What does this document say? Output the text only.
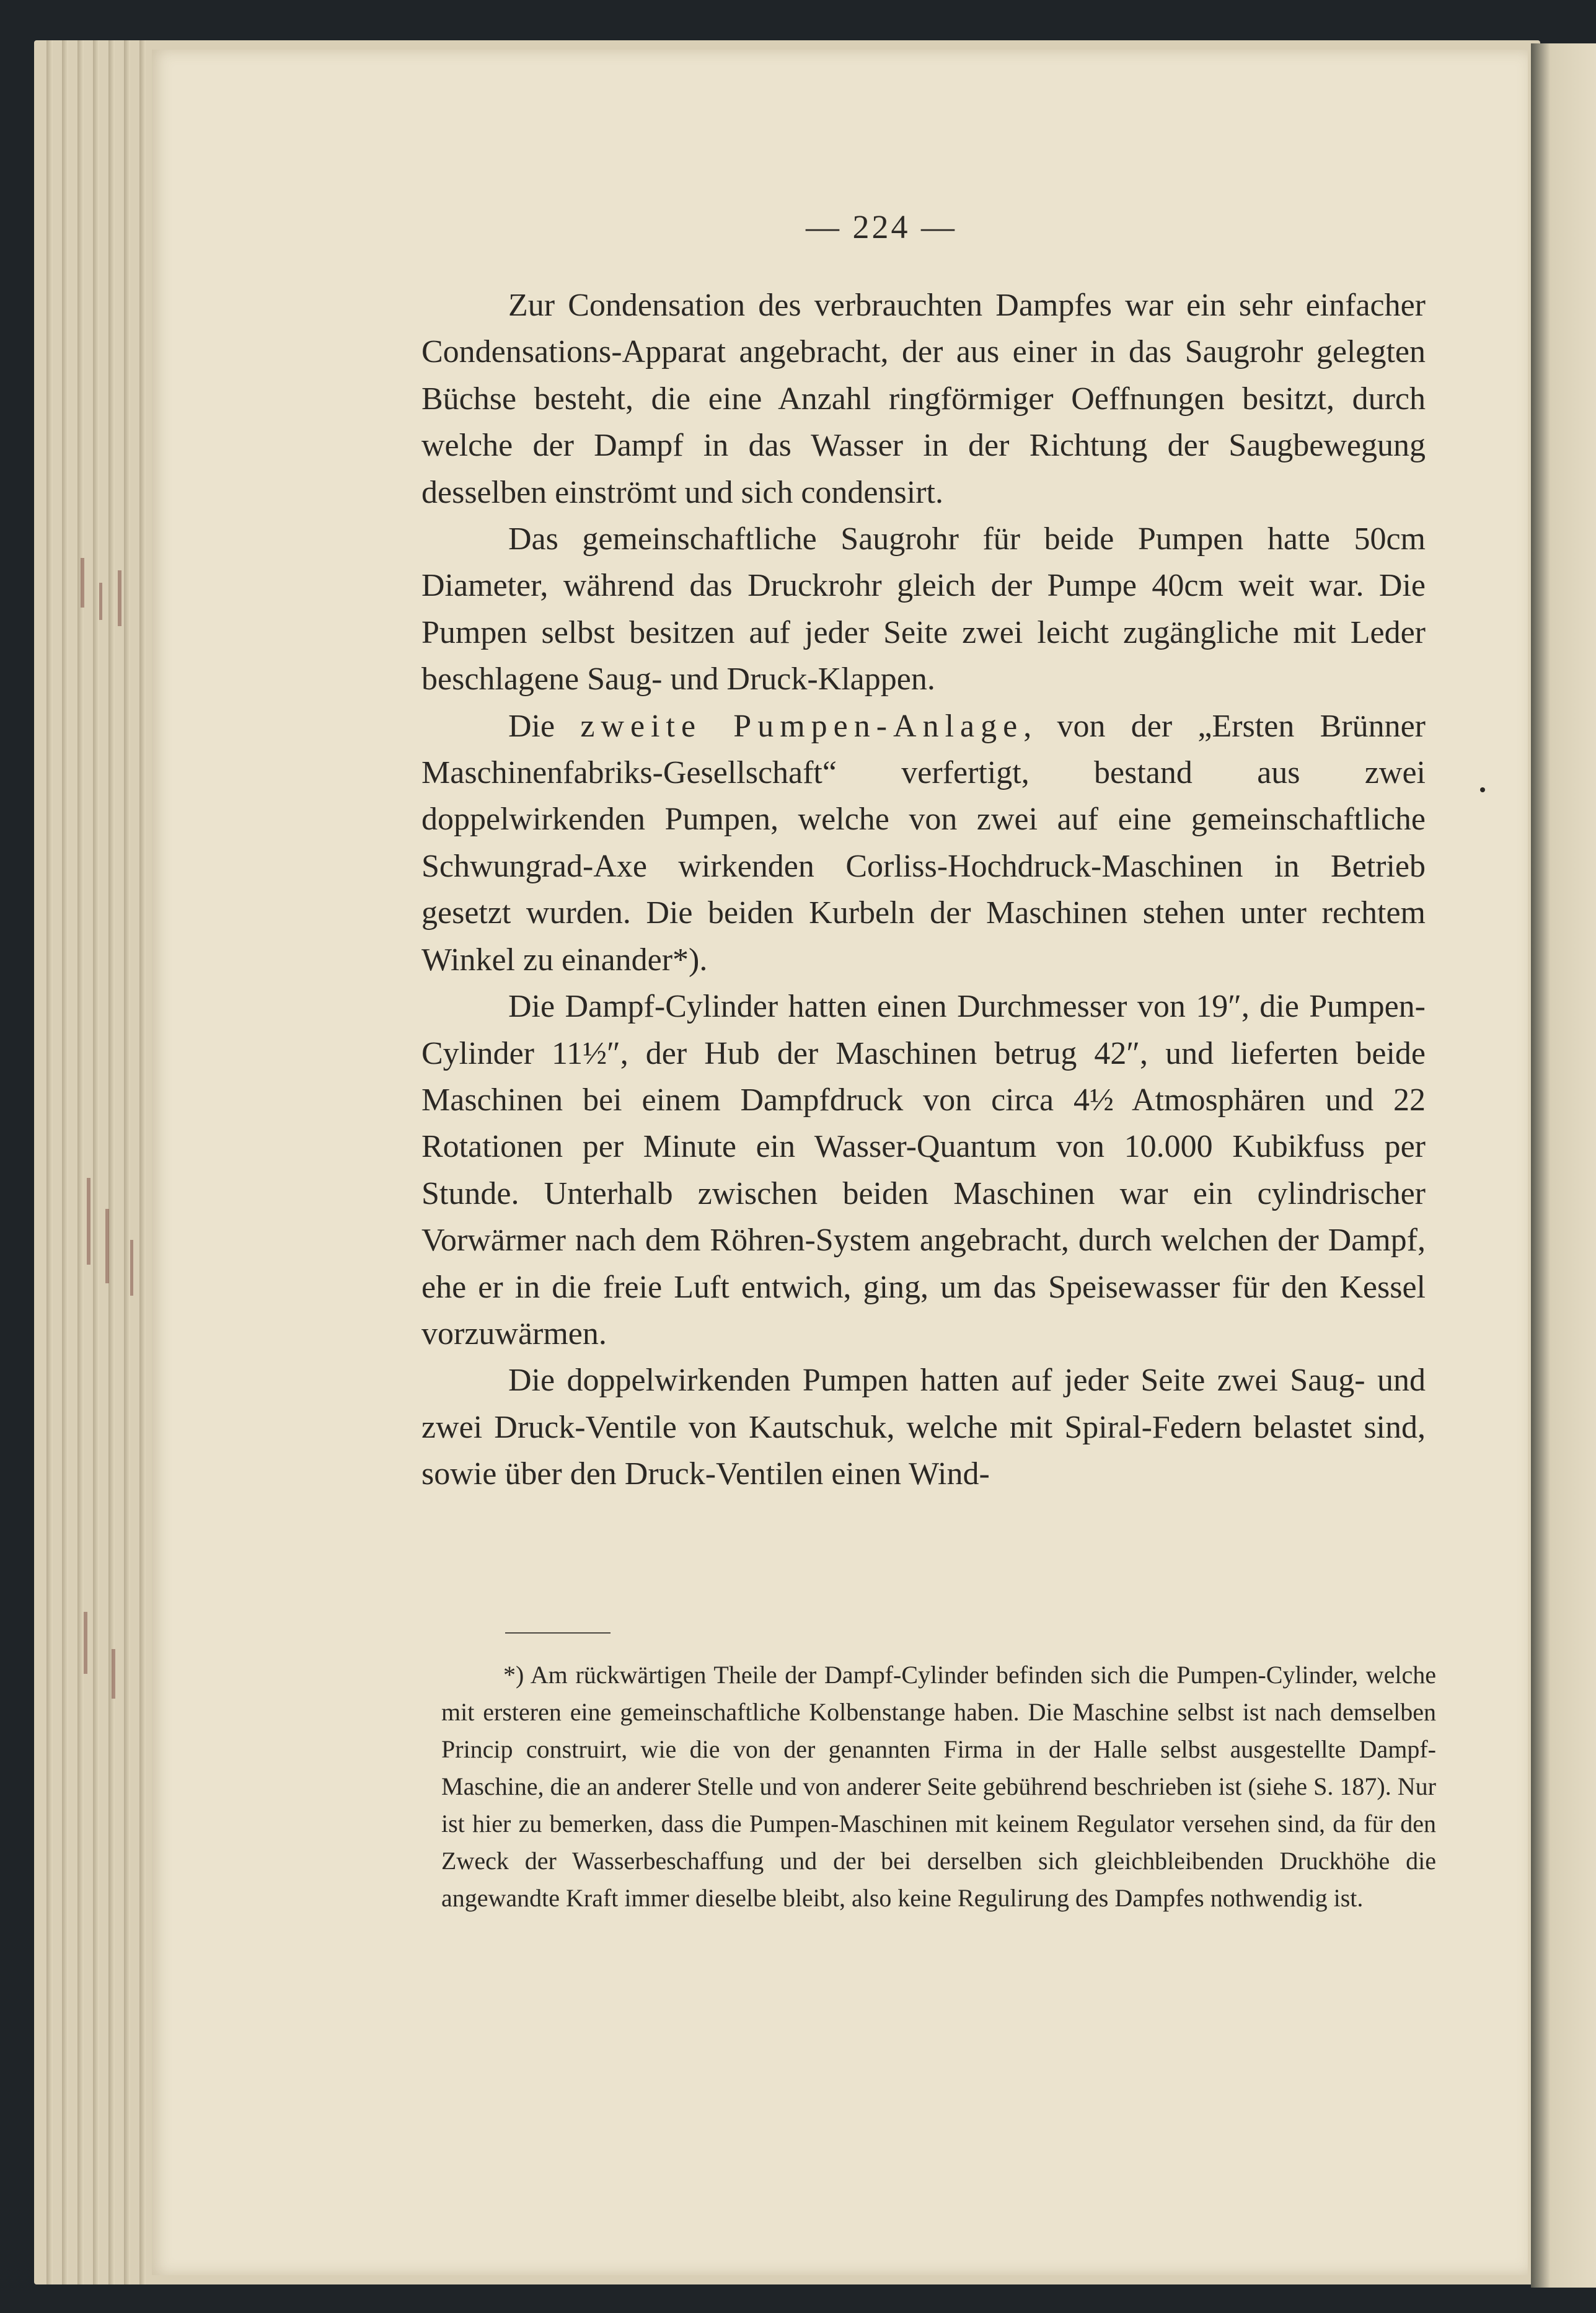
— 224 —

Zur Condensation des verbrauchten Dampfes war ein sehr einfacher Condensations-Apparat angebracht, der aus einer in das Saugrohr gelegten Büchse besteht, die eine Anzahl ringförmiger Oeffnungen besitzt, durch welche der Dampf in das Wasser in der Richtung der Saugbewegung desselben einströmt und sich condensirt.

Das gemeinschaftliche Saugrohr für beide Pumpen hatte 50cm Diameter, während das Druckrohr gleich der Pumpe 40cm weit war. Die Pumpen selbst besitzen auf jeder Seite zwei leicht zugängliche mit Leder beschlagene Saug- und Druck-Klappen.

Die zweite Pumpen-Anlage, von der „Ersten Brünner Maschinenfabriks-Gesellschaft“ verfertigt, bestand aus zwei doppelwirkenden Pumpen, welche von zwei auf eine gemeinschaftliche Schwungrad-Axe wirkenden Corliss-Hochdruck-Maschinen in Betrieb gesetzt wurden. Die beiden Kurbeln der Maschinen stehen unter rechtem Winkel zu einander*).

Die Dampf-Cylinder hatten einen Durchmesser von 19″, die Pumpen-Cylinder 11½″, der Hub der Maschinen betrug 42″, und lieferten beide Maschinen bei einem Dampfdruck von circa 4½ Atmosphären und 22 Rotationen per Minute ein Wasser-Quantum von 10.000 Kubikfuss per Stunde. Unterhalb zwischen beiden Maschinen war ein cylindrischer Vorwärmer nach dem Röhren-System angebracht, durch welchen der Dampf, ehe er in die freie Luft entwich, ging, um das Speisewasser für den Kessel vorzuwärmen.

Die doppelwirkenden Pumpen hatten auf jeder Seite zwei Saug- und zwei Druck-Ventile von Kautschuk, welche mit Spiral-Federn belastet sind, sowie über den Druck-Ventilen einen Wind-

*) Am rückwärtigen Theile der Dampf-Cylinder befinden sich die Pumpen-Cylinder, welche mit ersteren eine gemeinschaftliche Kolbenstange haben. Die Maschine selbst ist nach demselben Princip construirt, wie die von der genannten Firma in der Halle selbst ausgestellte Dampf-Maschine, die an anderer Stelle und von anderer Seite gebührend beschrieben ist (siehe S. 187). Nur ist hier zu bemerken, dass die Pumpen-Maschinen mit keinem Regulator versehen sind, da für den Zweck der Wasserbeschaffung und der bei derselben sich gleichbleibenden Druckhöhe die angewandte Kraft immer dieselbe bleibt, also keine Regulirung des Dampfes nothwendig ist.
